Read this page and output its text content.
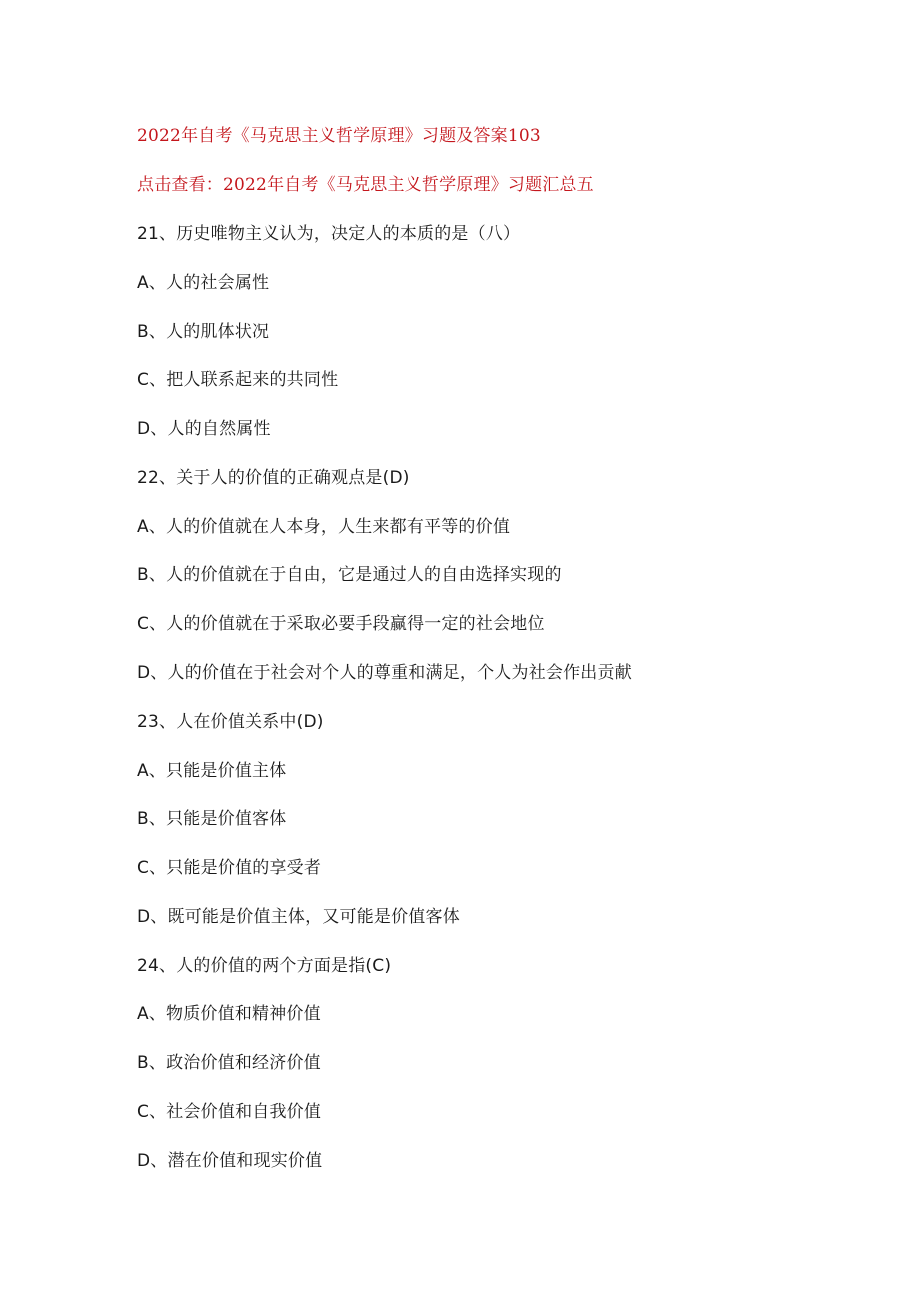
2022年自考《马克思主义哲学原理》习题及答案103
点击查看：2022年自考《马克思主义哲学原理》习题汇总五
21、历史唯物主义认为，决定人的本质的是（八）
A、人的社会属性
B、人的肌体状况
C、把人联系起来的共同性
D、人的自然属性
22、关于人的价值的正确观点是(D)
A、人的价值就在人本身，人生来都有平等的价值
B、人的价值就在于自由，它是通过人的自由选择实现的
C、人的价值就在于采取必要手段赢得一定的社会地位
D、人的价值在于社会对个人的尊重和满足，个人为社会作出贡献
23、人在价值关系中(D)
A、只能是价值主体
B、只能是价值客体
C、只能是价值的享受者
D、既可能是价值主体，又可能是价值客体
24、人的价值的两个方面是指(C)
A、物质价值和精神价值
B、政治价值和经济价值
C、社会价值和自我价值
D、潜在价值和现实价值
